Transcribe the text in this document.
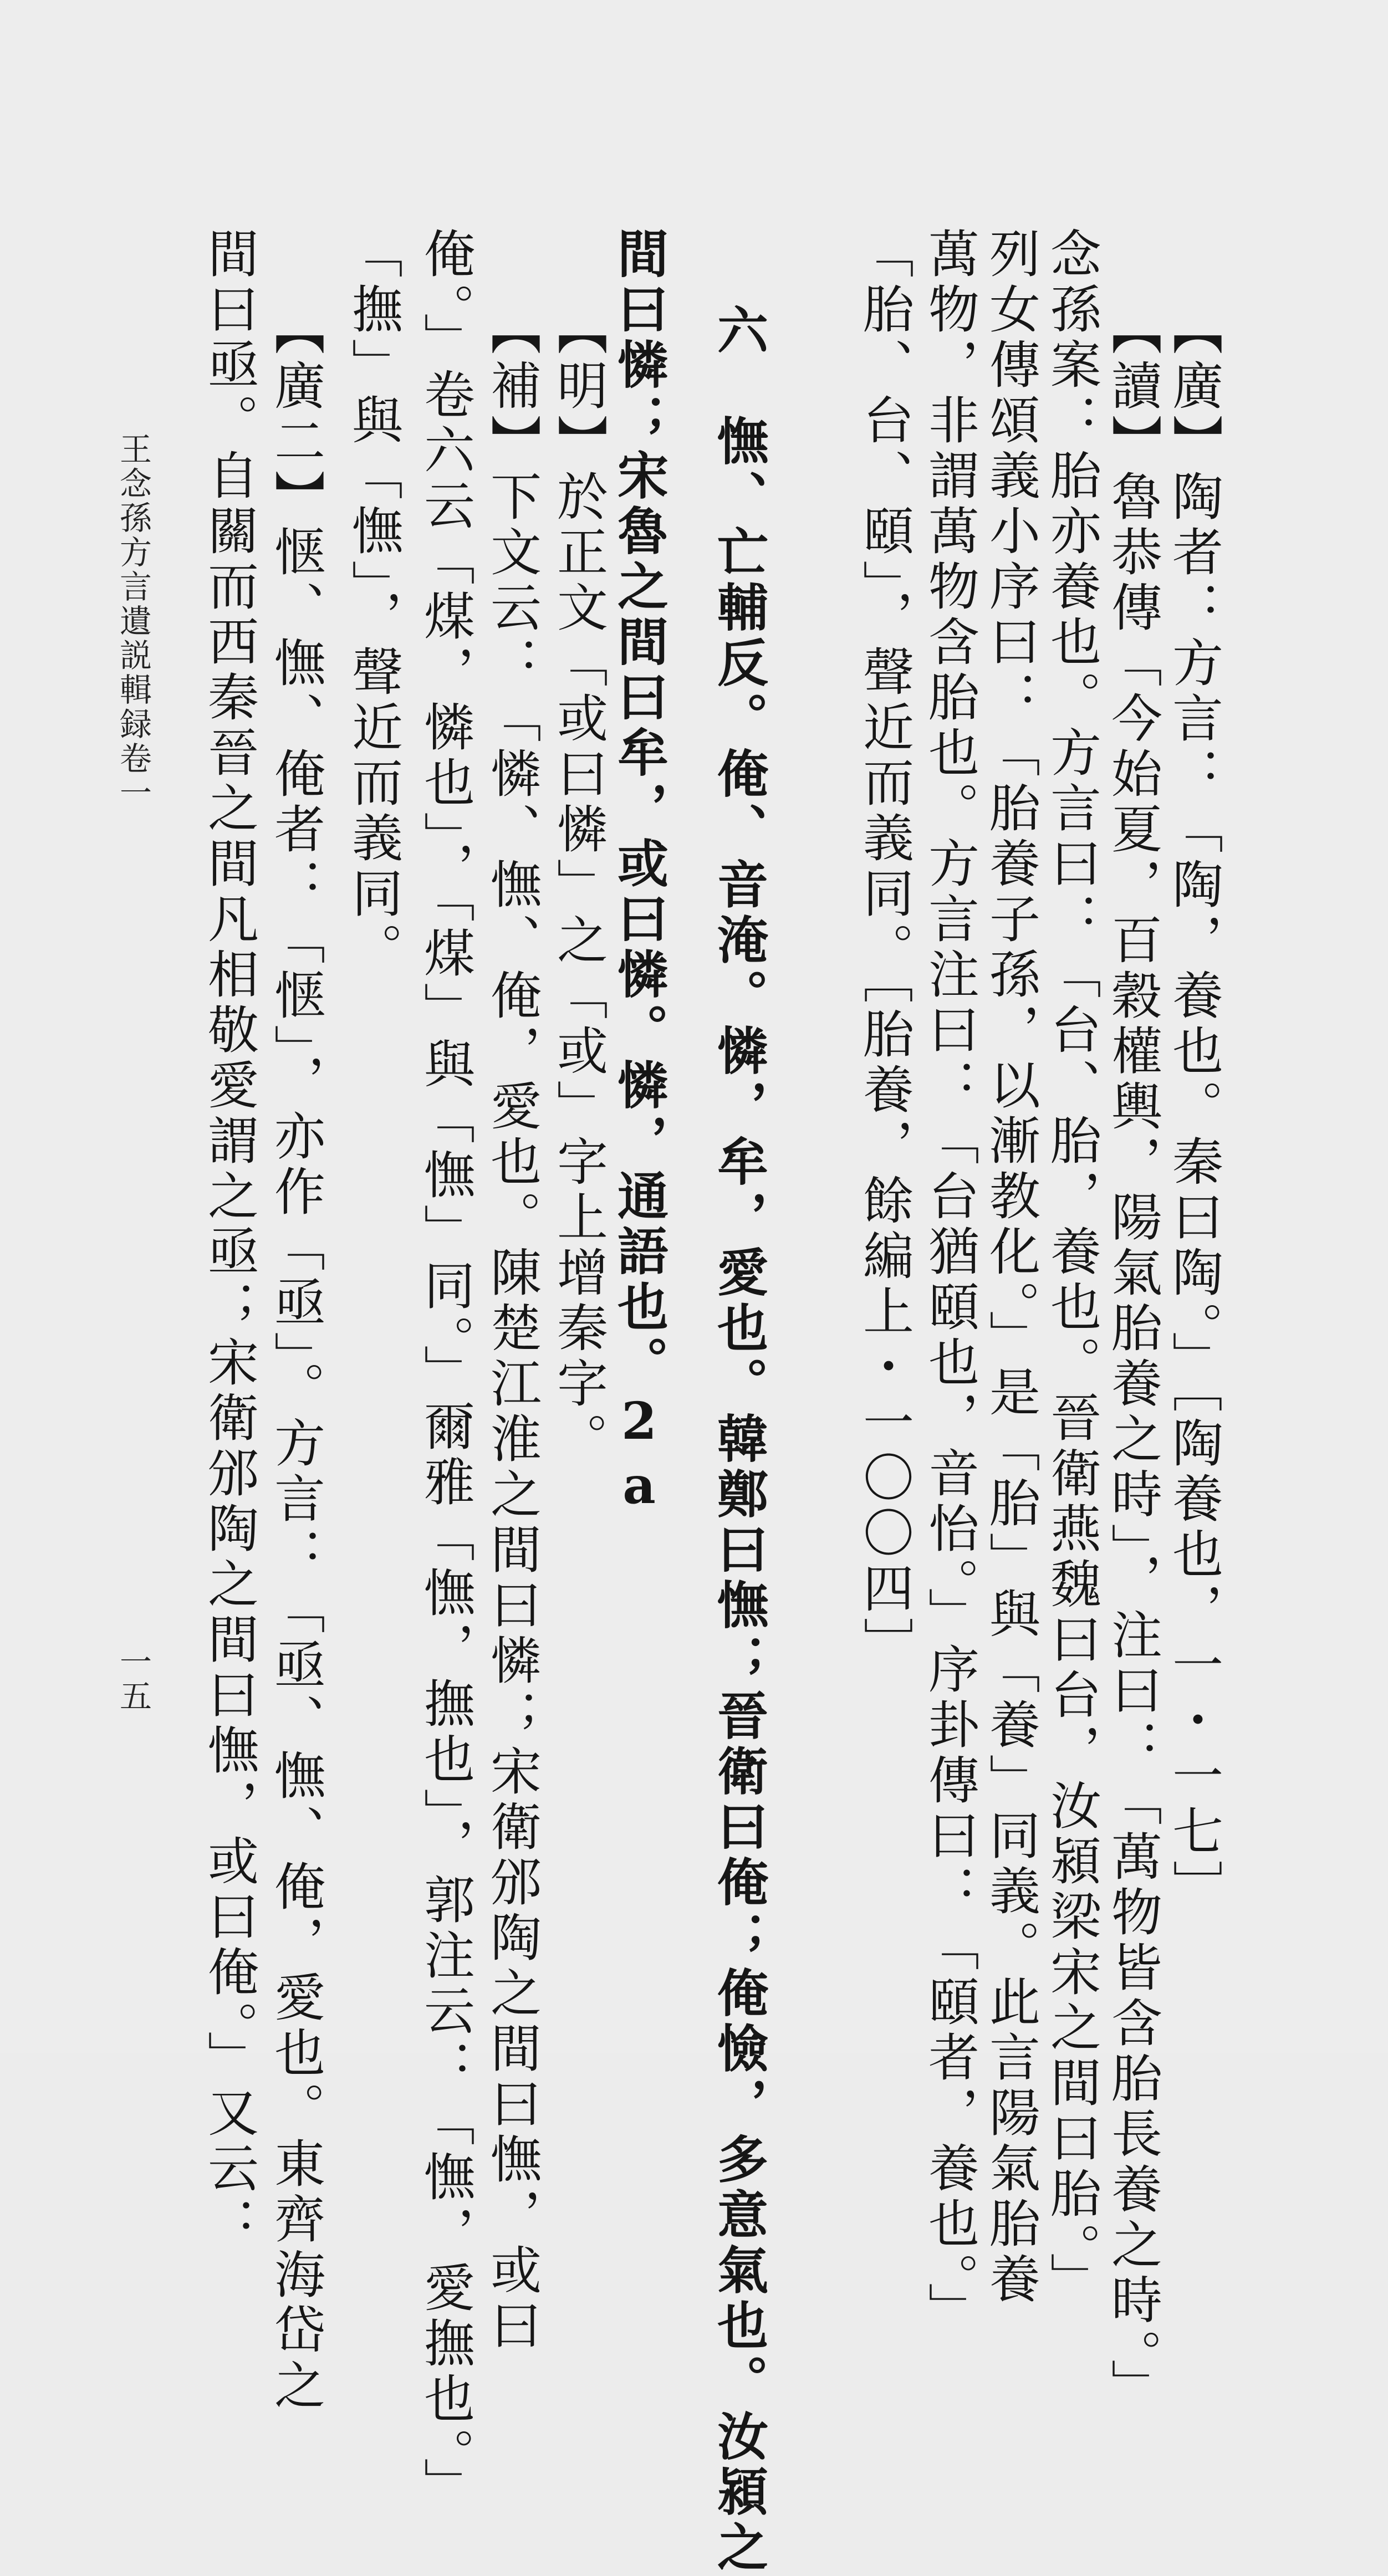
【廣】陶者：方言：「陶，養也。秦曰陶。」［陶養也，一・一七］
【讀】魯恭傳「今始夏，百穀權輿，陽氣胎養之時」，注曰：「萬物皆含胎長養之時。」
念孫案：胎亦養也。方言曰：「台、胎，養也。晉衛燕魏曰台，汝潁梁宋之間曰胎。」
列女傳頌義小序曰：「胎養子孫，以漸教化。」是「胎」與「養」同義。此言陽氣胎養
萬物，非謂萬物含胎也。方言注曰：「台猶頤也，音怡。」序卦傳曰：「頤者，養也。」
「胎、台、頤」，聲近而義同。［胎養，餘編上・一〇〇四］
六　憮、亡輔反。俺、音淹。憐，牟，愛也。韓鄭曰憮；晉衛曰俺；俺憸，多意氣也。汝潁之
間曰憐；宋魯之間曰牟，或曰憐。憐，通語也。2a
【明】於正文「或曰憐」之「或」字上增秦字。
【補】下文云：「憐、憮、俺，愛也。陳楚江淮之間曰憐；宋衛邠陶之間曰憮，或曰
俺。」卷六云「煤，憐也」，「煤」與「憮」同。」爾雅「憮，撫也」，郭注云：「憮，愛撫也。」
「撫」與「憮」，聲近而義同。
【廣二】惬、憮、俺者：「惬」，亦作「亟」。方言：「亟、憮、俺，愛也。東齊海岱之
間曰亟。自關而西秦晉之間凡相敬愛謂之亟；宋衛邠陶之間曰憮，或曰俺。」又云：
王念孫方言遺説輯録卷一
一五
